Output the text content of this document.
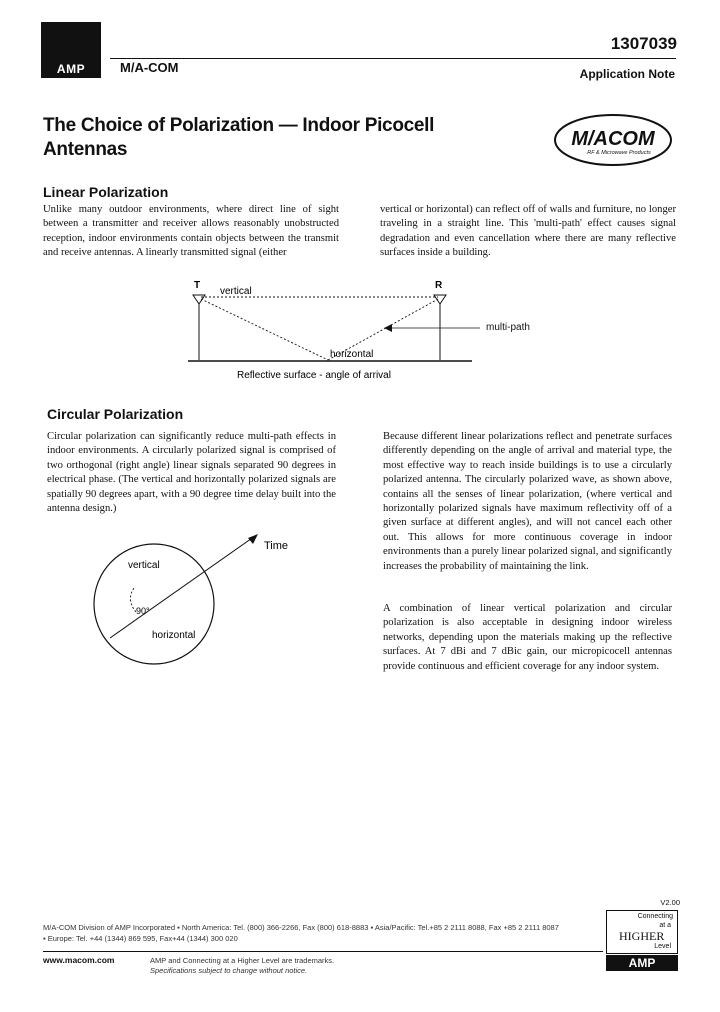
AMP	M/A-COM
1307039
Application Note
The Choice of Polarization — Indoor Picocell Antennas	M/ACOM
RF & Microwave Products
Linear Polarization
Unlike many outdoor environments, where direct line of sight between a transmitter and receiver allows reasonably unobstructed reception, indoor environments contain objects between the transmit and receive antennas. A linearly transmitted signal (either
vertical or horizontal) can reflect off of walls and furniture, no longer traveling in a straight line. This 'multi-path' effect causes signal degradation and even cancellation where there are many reflective surfaces inside a building.
T	R
vertical
horizontal
Reflective surface - angle of arrival
multi-path
Circular Polarization
Circular polarization can significantly reduce multi-path effects in indoor environments. A circularly polarized signal is comprised of two orthogonal (right angle) linear signals separated 90 degrees in electrical phase. (The vertical and horizontally polarized signals are spatially 90 degrees apart, with a 90 degree time delay built into the antenna design.)
Because different linear polarizations reflect and penetrate surfaces differently depending on the angle of arrival and material type, the most effective way to reach inside buildings is to use a circularly polarized antenna. The circularly polarized wave, as shown above, contains all the senses of linear polarization, (where vertical and horizontally polarized signals have maximum reflectivity off of a given surface at different angles), and will not cancel each other out. This allows for more continuous coverage in indoor environments than a purely linear polarized signal, and significantly increases the probability of maintaining the link.
A combination of linear vertical polarization and circular polarization is also acceptable in designing indoor wireless networks, depending upon the materials making up the reflective surfaces. At 7 dBi and 7 dBic gain, our micropicocell antennas provide continuous and efficient coverage for any indoor system.
Time
vertical
90°
horizontal
V2.00
M/A-COM Division of AMP Incorporated ▪ North America: Tel. (800) 366-2266, Fax (800) 618-8883 ▪ Asia/Pacific: Tel.+85 2 2111 8088, Fax +85 2 2111 8087
▪ Europe: Tel. +44 (1344) 869 595, Fax+44 (1344) 300 020
www.macom.com	AMP and Connecting at a Higher Level are trademarks.
Specifications subject to change without notice.
Connecting
at a
HIGHER
Level
AMP
